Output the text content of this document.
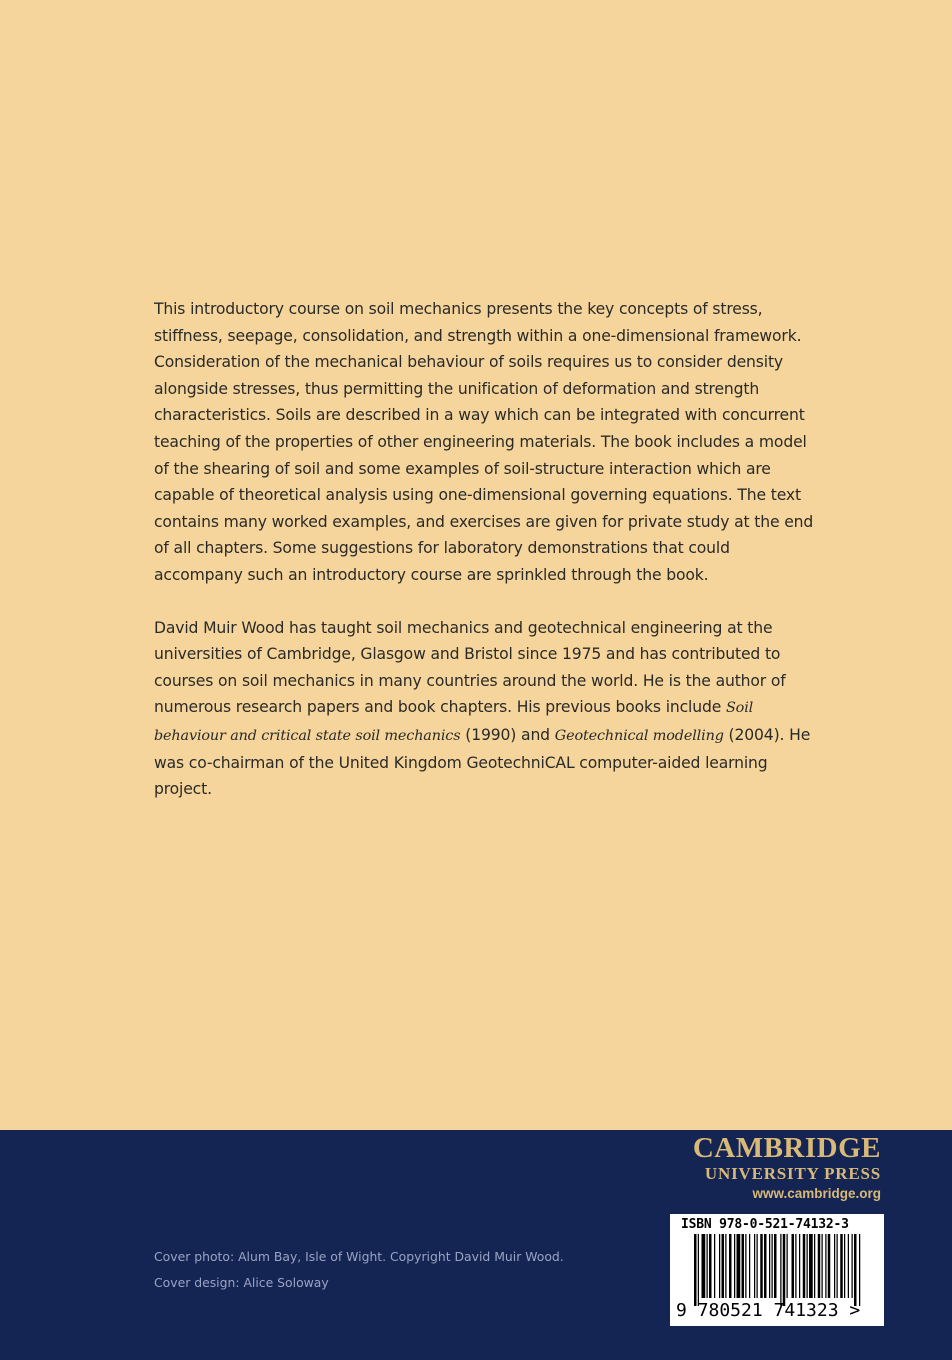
This introductory course on soil mechanics presents the key concepts of stress, stiffness, seepage, consolidation, and strength within a one-dimensional framework. Consideration of the mechanical behaviour of soils requires us to consider density alongside stresses, thus permitting the unification of deformation and strength characteristics. Soils are described in a way which can be integrated with concurrent teaching of the properties of other engineering materials. The book includes a model of the shearing of soil and some examples of soil-structure interaction which are capable of theoretical analysis using one-dimensional governing equations. The text contains many worked examples, and exercises are given for private study at the end of all chapters. Some suggestions for laboratory demonstrations that could accompany such an introductory course are sprinkled through the book.

David Muir Wood has taught soil mechanics and geotechnical engineering at the universities of Cambridge, Glasgow and Bristol since 1975 and has contributed to courses on soil mechanics in many countries around the world. He is the author of numerous research papers and book chapters. His previous books include Soil behaviour and critical state soil mechanics (1990) and Geotechnical modelling (2004). He was co-chairman of the United Kingdom GeotechniCAL computer-aided learning project.

CAMBRIDGE
UNIVERSITY PRESS
www.cambridge.org
ISBN 978-0-521-74132-3
9 780521 741323 >
Cover photo: Alum Bay, Isle of Wight. Copyright David Muir Wood.
Cover design: Alice Soloway
